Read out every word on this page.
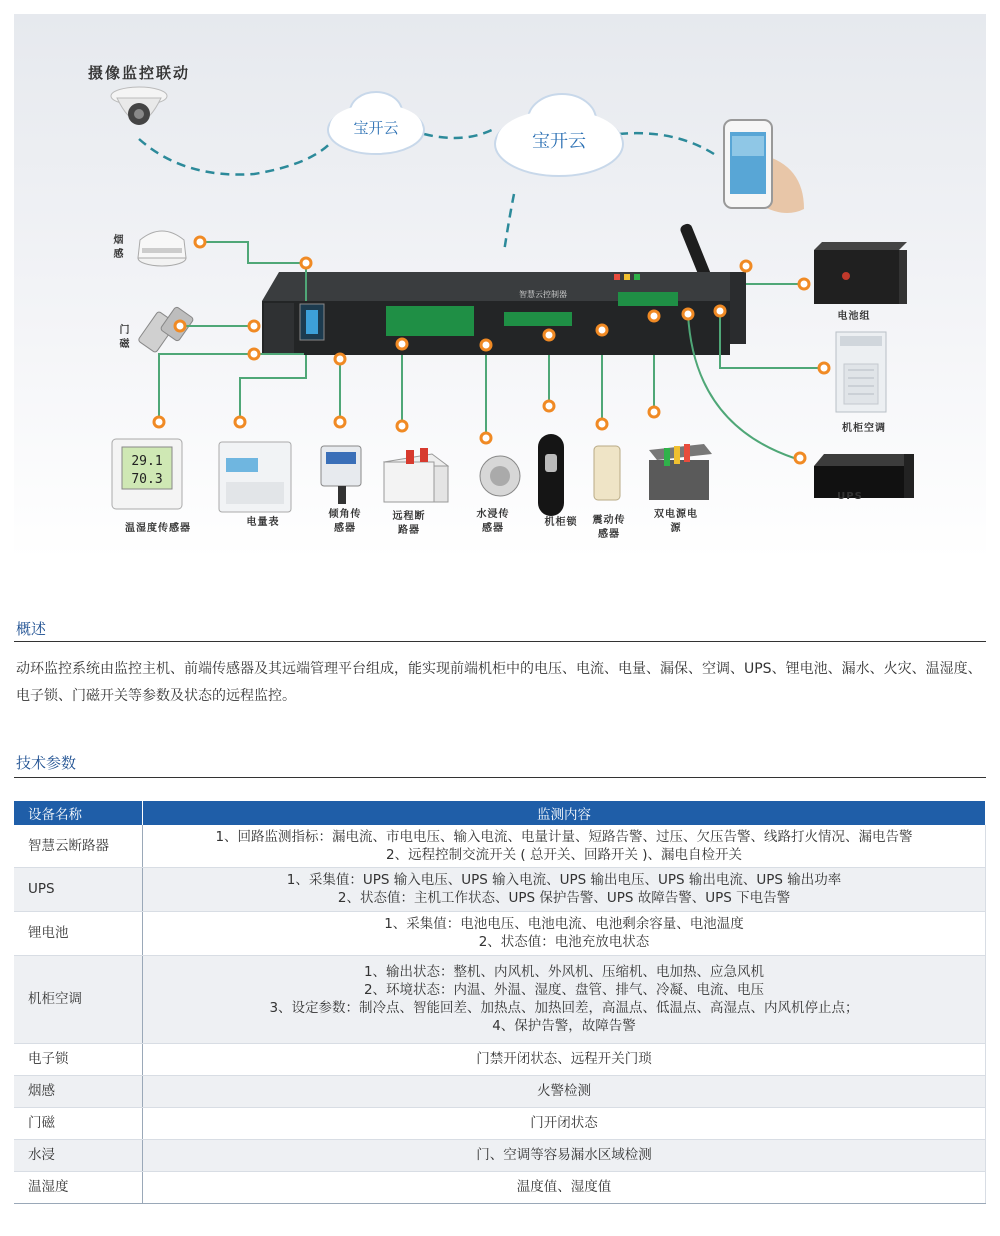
29.1
70.3
宝开云
宝开云
智慧云控制器
摄像监控联动
烟感
门磁
电池组
机柜空调
UPS
温湿度传感器
电量表
倾角传感器
远程断路器
水浸传感器
机柜锁	震动传感器
双电源电源
概述
动环监控系统由监控主机、前端传感器及其远端管理平台组成，能实现前端机柜中的电压、电流、电量、漏保、空调、UPS、锂电池、漏水、火灾、温湿度、电子锁、门磁开关等参数及状态的远程监控。
技术参数
设备名称	监测内容
智慧云断路器	1、回路监测指标：漏电流、市电电压、输入电流、电量计量、短路告警、过压、欠压告警、线路打火情况、漏电告警
2、远程控制交流开关 ( 总开关、回路开关 )、漏电自检开关

UPS	1、采集值：UPS 输入电压、UPS 输入电流、UPS 输出电压、UPS 输出电流、UPS 输出功率
2、状态值：主机工作状态、UPS 保护告警、UPS 故障告警、UPS 下电告警

锂电池	1、采集值：电池电压、电池电流、电池剩余容量、电池温度
2、状态值：电池充放电状态

机柜空调	1、输出状态：整机、内风机、外风机、压缩机、电加热、应急风机
2、环境状态：内温、外温、湿度、盘管、排气、冷凝、电流、电压
3、设定参数：制冷点、智能回差、加热点、加热回差，高温点、低温点、高湿点、内风机停止点；
4、保护告警，故障告警

电子锁	门禁开闭状态、远程开关门琐

烟感	火警检测

门磁	门开闭状态

水浸	门、空调等容易漏水区域检测

温湿度	温度值、湿度值
